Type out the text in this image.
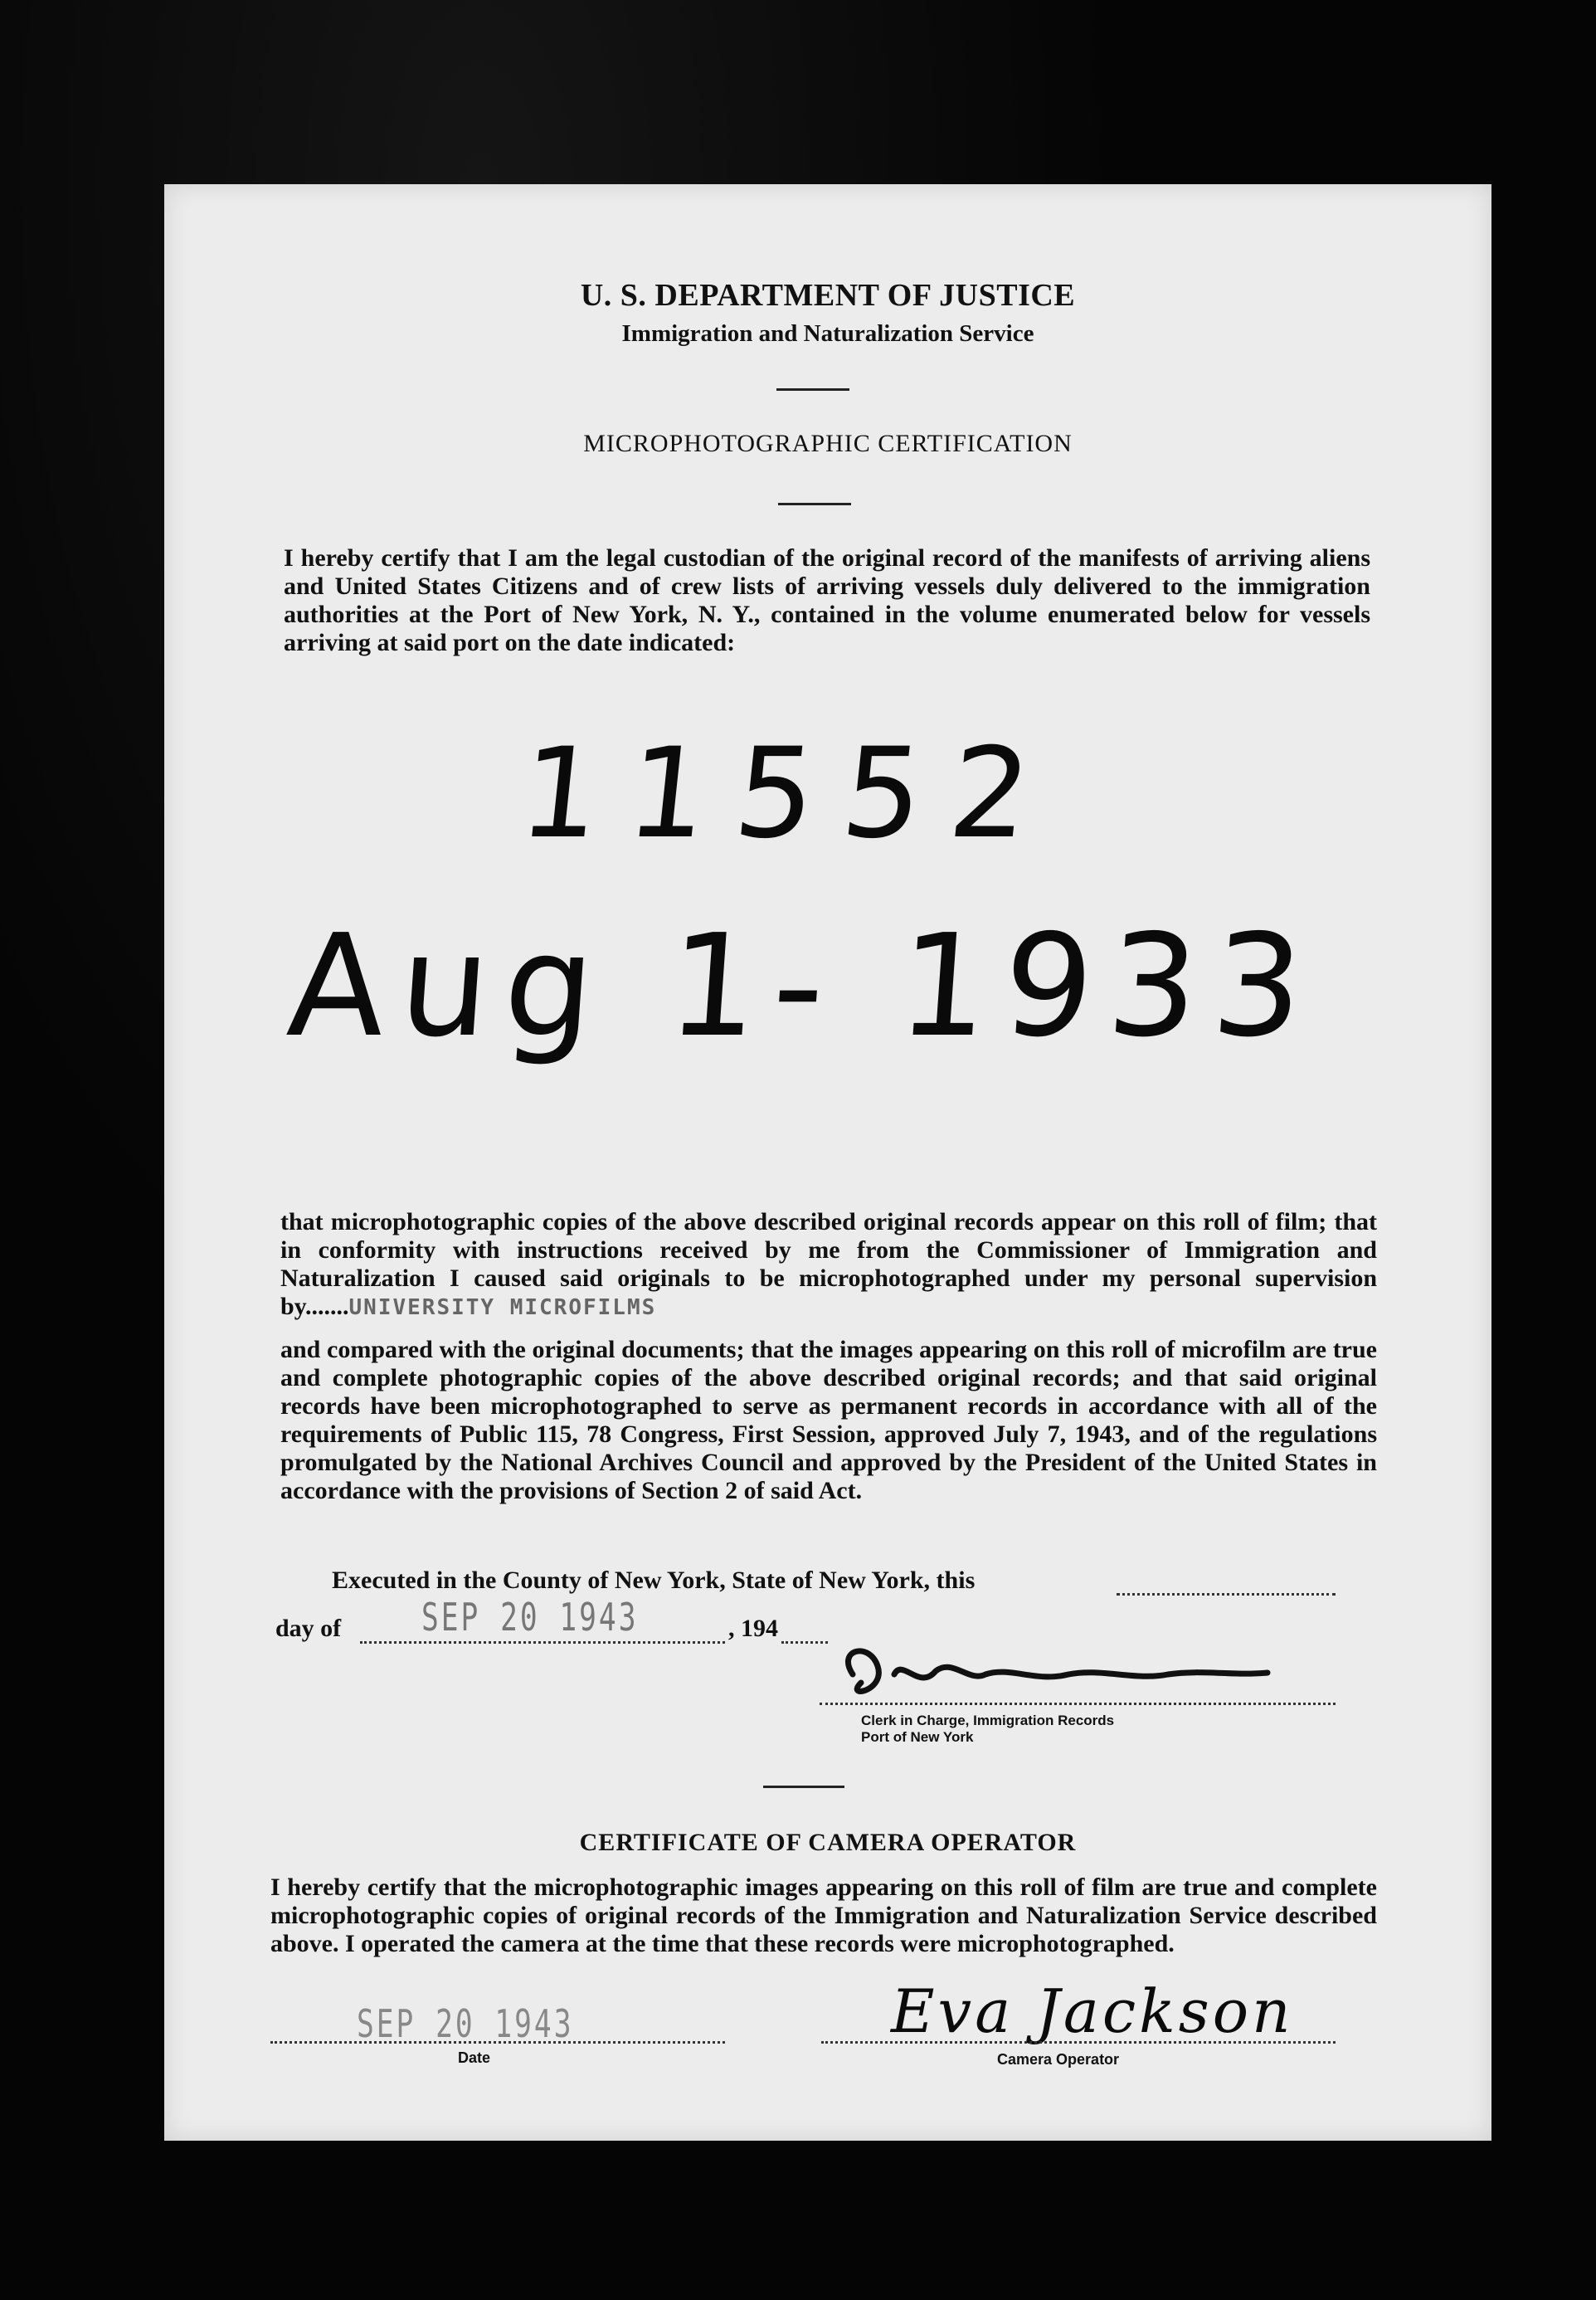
U. S. DEPARTMENT OF JUSTICE
Immigration and Naturalization Service
MICROPHOTOGRAPHIC CERTIFICATION
I hereby certify that I am the legal custodian of the original record of the manifests of arriving aliens and United States Citizens and of crew lists of arriving vessels duly delivered to the immigration authorities at the Port of New York, N. Y., contained in the volume enumerated below for vessels arriving at said port on the date indicated:
11552
Aug 1- 1933
that microphotographic copies of the above described original records appear on this roll of film; that in conformity with instructions received by me from the Commissioner of Immigration and Naturalization I caused said originals to be microphotographed under my personal supervision by.......UNIVERSITY MICROFILMS
and compared with the original documents; that the images appearing on this roll of microfilm are true and complete photographic copies of the above described original records; and that said original records have been microphotographed to serve as permanent records in accordance with all of the requirements of Public 115, 78 Congress, First Session, approved July 7, 1943, and of the regulations promulgated by the National Archives Council and approved by the President of the United States in accordance with the provisions of Section 2 of said Act.
Executed in the County of New York, State of New York, this
day of SEP 20 1943	, 194
Clerk in Charge, Immigration Records
Port of New York
CERTIFICATE OF CAMERA OPERATOR
I hereby certify that the microphotographic images appearing on this roll of film are true and complete microphotographic copies of original records of the Immigration and Naturalization Service described above. I operated the camera at the time that these records were microphotographed.
SEP 20 1943
Date
Eva Jackson
Camera Operator
